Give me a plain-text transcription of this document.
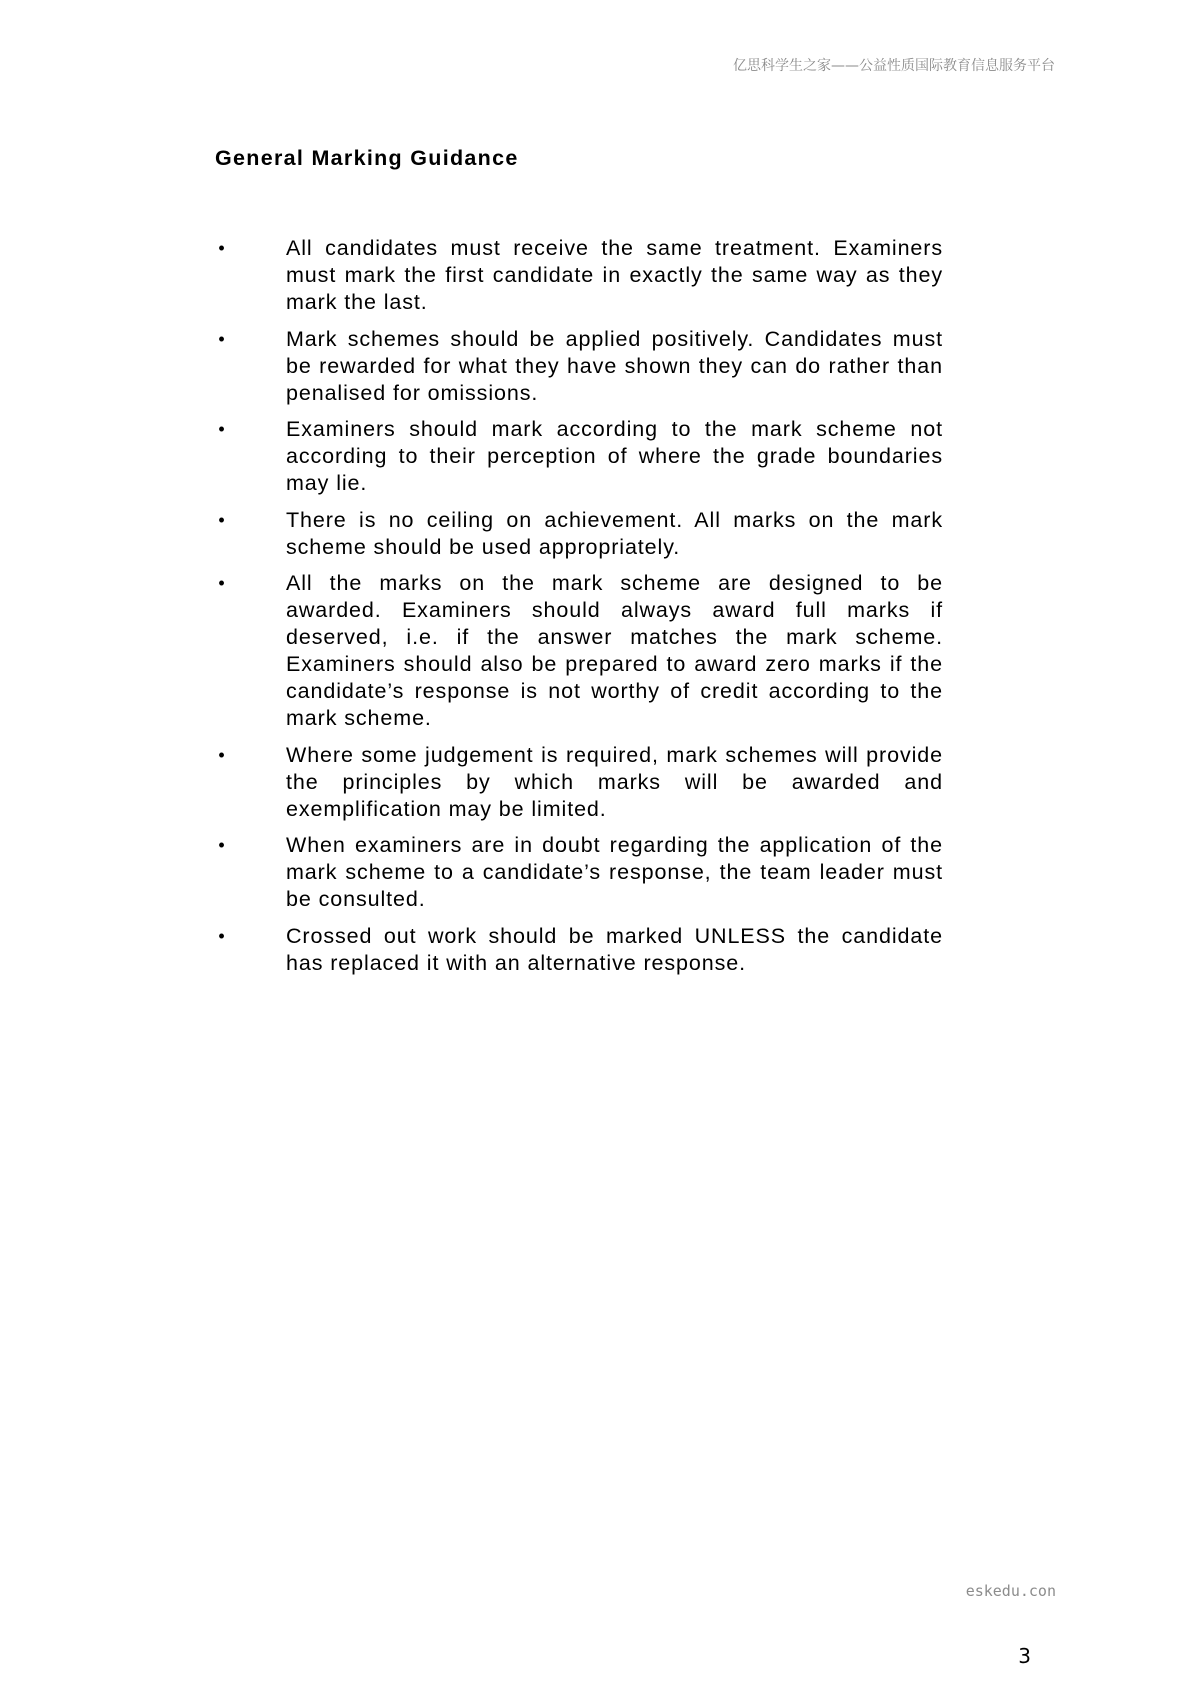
亿思科学生之家——公益性质国际教育信息服务平台
General Marking Guidance
•	All candidates must receive the same treatment. Examiners must mark the first candidate in exactly the same way as they mark the last.
•	Mark schemes should be applied positively. Candidates must be rewarded for what they have shown they can do rather than penalised for omissions.
•	Examiners should mark according to the mark scheme not according to their perception of where the grade boundaries may lie.
•	There is no ceiling on achievement. All marks on the mark scheme should be used appropriately.
•	All the marks on the mark scheme are designed to be awarded. Examiners should always award full marks if deserved, i.e. if the answer matches the mark scheme. Examiners should also be prepared to award zero marks if the candidate’s response is not worthy of credit according to the mark scheme.
•	Where some judgement is required, mark schemes will provide the principles by which marks will be awarded and exemplification may be limited.
•	When examiners are in doubt regarding the application of the mark scheme to a candidate’s response, the team leader must be consulted.
•	Crossed out work should be marked UNLESS the candidate has replaced it with an alternative response.
eskedu.con
3
